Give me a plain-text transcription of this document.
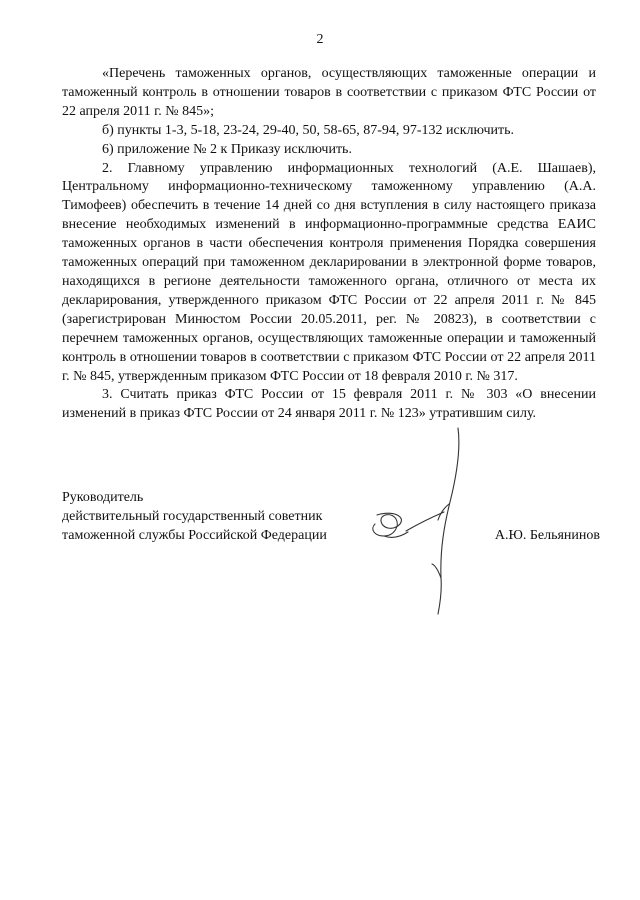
2

«Перечень таможенных органов, осуществляющих таможенные операции и таможенный контроль в отношении товаров в соответствии с приказом ФТС России от 22 апреля 2011 г. № 845»;

б) пункты 1-3, 5-18, 23-24, 29-40, 50, 58-65, 87-94, 97-132 исключить.

6) приложение № 2 к Приказу исключить.

2. Главному управлению информационных технологий (А.Е. Шашаев), Центральному информационно-техническому таможенному управлению (А.А. Тимофеев) обеспечить в течение 14 дней со дня вступления в силу настоящего приказа внесение необходимых изменений в информационно-программные средства ЕАИС таможенных органов в части обеспечения контроля применения Порядка совершения таможенных операций при таможенном декларировании в электронной форме товаров, находящихся в регионе деятельности таможенного органа, отличного от места их декларирования, утвержденного приказом ФТС России от 22 апреля 2011 г. № 845 (зарегистрирован Минюстом России 20.05.2011, рег. № 20823), в соответствии с перечнем таможенных органов, осуществляющих таможенные операции и таможенный контроль в отношении товаров в соответствии с приказом ФТС России от 22 апреля 2011 г. № 845, утвержденным приказом ФТС России от 18 февраля 2010 г. № 317.

3. Считать приказ ФТС России от 15 февраля 2011 г. № 303 «О внесении изменений в приказ ФТС России от 24 января 2011 г. № 123» утратившим силу.

Руководитель
действительный государственный советник
таможенной службы Российской Федерации	А.Ю. Бельянинов
